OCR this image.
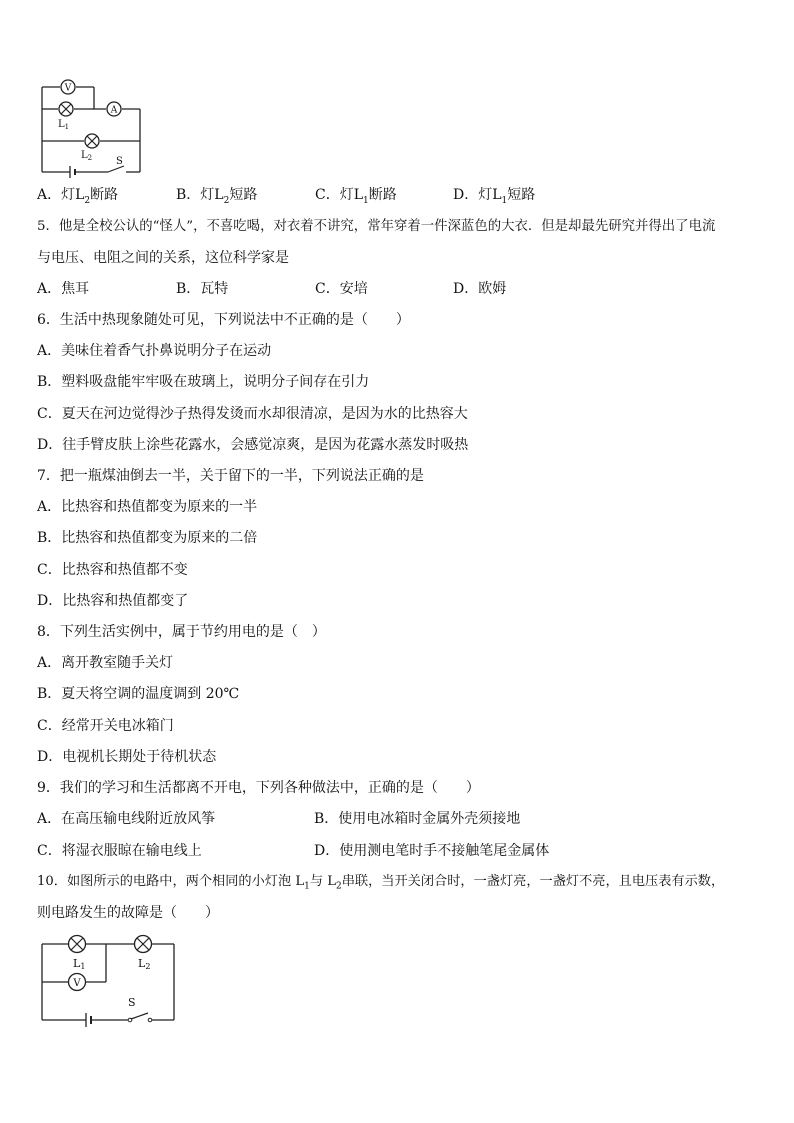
V
$L_1$
A
$L_2$ S
A．灯$L_2$断路	B．灯$L_2$短路	C．灯$L_1$断路	D．灯$L_1$短路
5．他是全校公认的“怪人”，不喜吃喝，对衣着不讲究，常年穿着一件深蓝色的大衣．但是却最先研究并得出了电流
与电压、电阻之间的关系，这位科学家是
A．焦耳	B．瓦特	C．安培	D．欧姆
6．生活中热现象随处可见，下列说法中不正确的是（　　）
A．美味住着香气扑鼻说明分子在运动
B．塑料吸盘能牢牢吸在玻璃上，说明分子间存在引力
C．夏天在河边觉得沙子热得发烫而水却很清凉，是因为水的比热容大
D．往手臂皮肤上涂些花露水，会感觉凉爽，是因为花露水蒸发时吸热
7．把一瓶煤油倒去一半，关于留下的一半，下列说法正确的是
A．比热容和热值都变为原来的一半
B．比热容和热值都变为原来的二倍
C．比热容和热值都不变
D．比热容和热值都变了
8．下列生活实例中，属于节约用电的是（　）
A．离开教室随手关灯
B．夏天将空调的温度调到 20℃
C．经常开关电冰箱门
D．电视机长期处于待机状态
9．我们的学习和生活都离不开电，下列各种做法中，正确的是（　　）
A．在高压输电线附近放风筝	B．使用电冰箱时金属外壳须接地
C．将湿衣服晾在输电线上	D．使用测电笔时手不接触笔尾金属体
10．如图所示的电路中，两个相同的小灯泡 $L_1$与 $L_2$串联，当开关闭合时，一盏灯亮，一盏灯不亮，且电压表有示数，
则电路发生的故障是（　　）
L1	L2
V
S
